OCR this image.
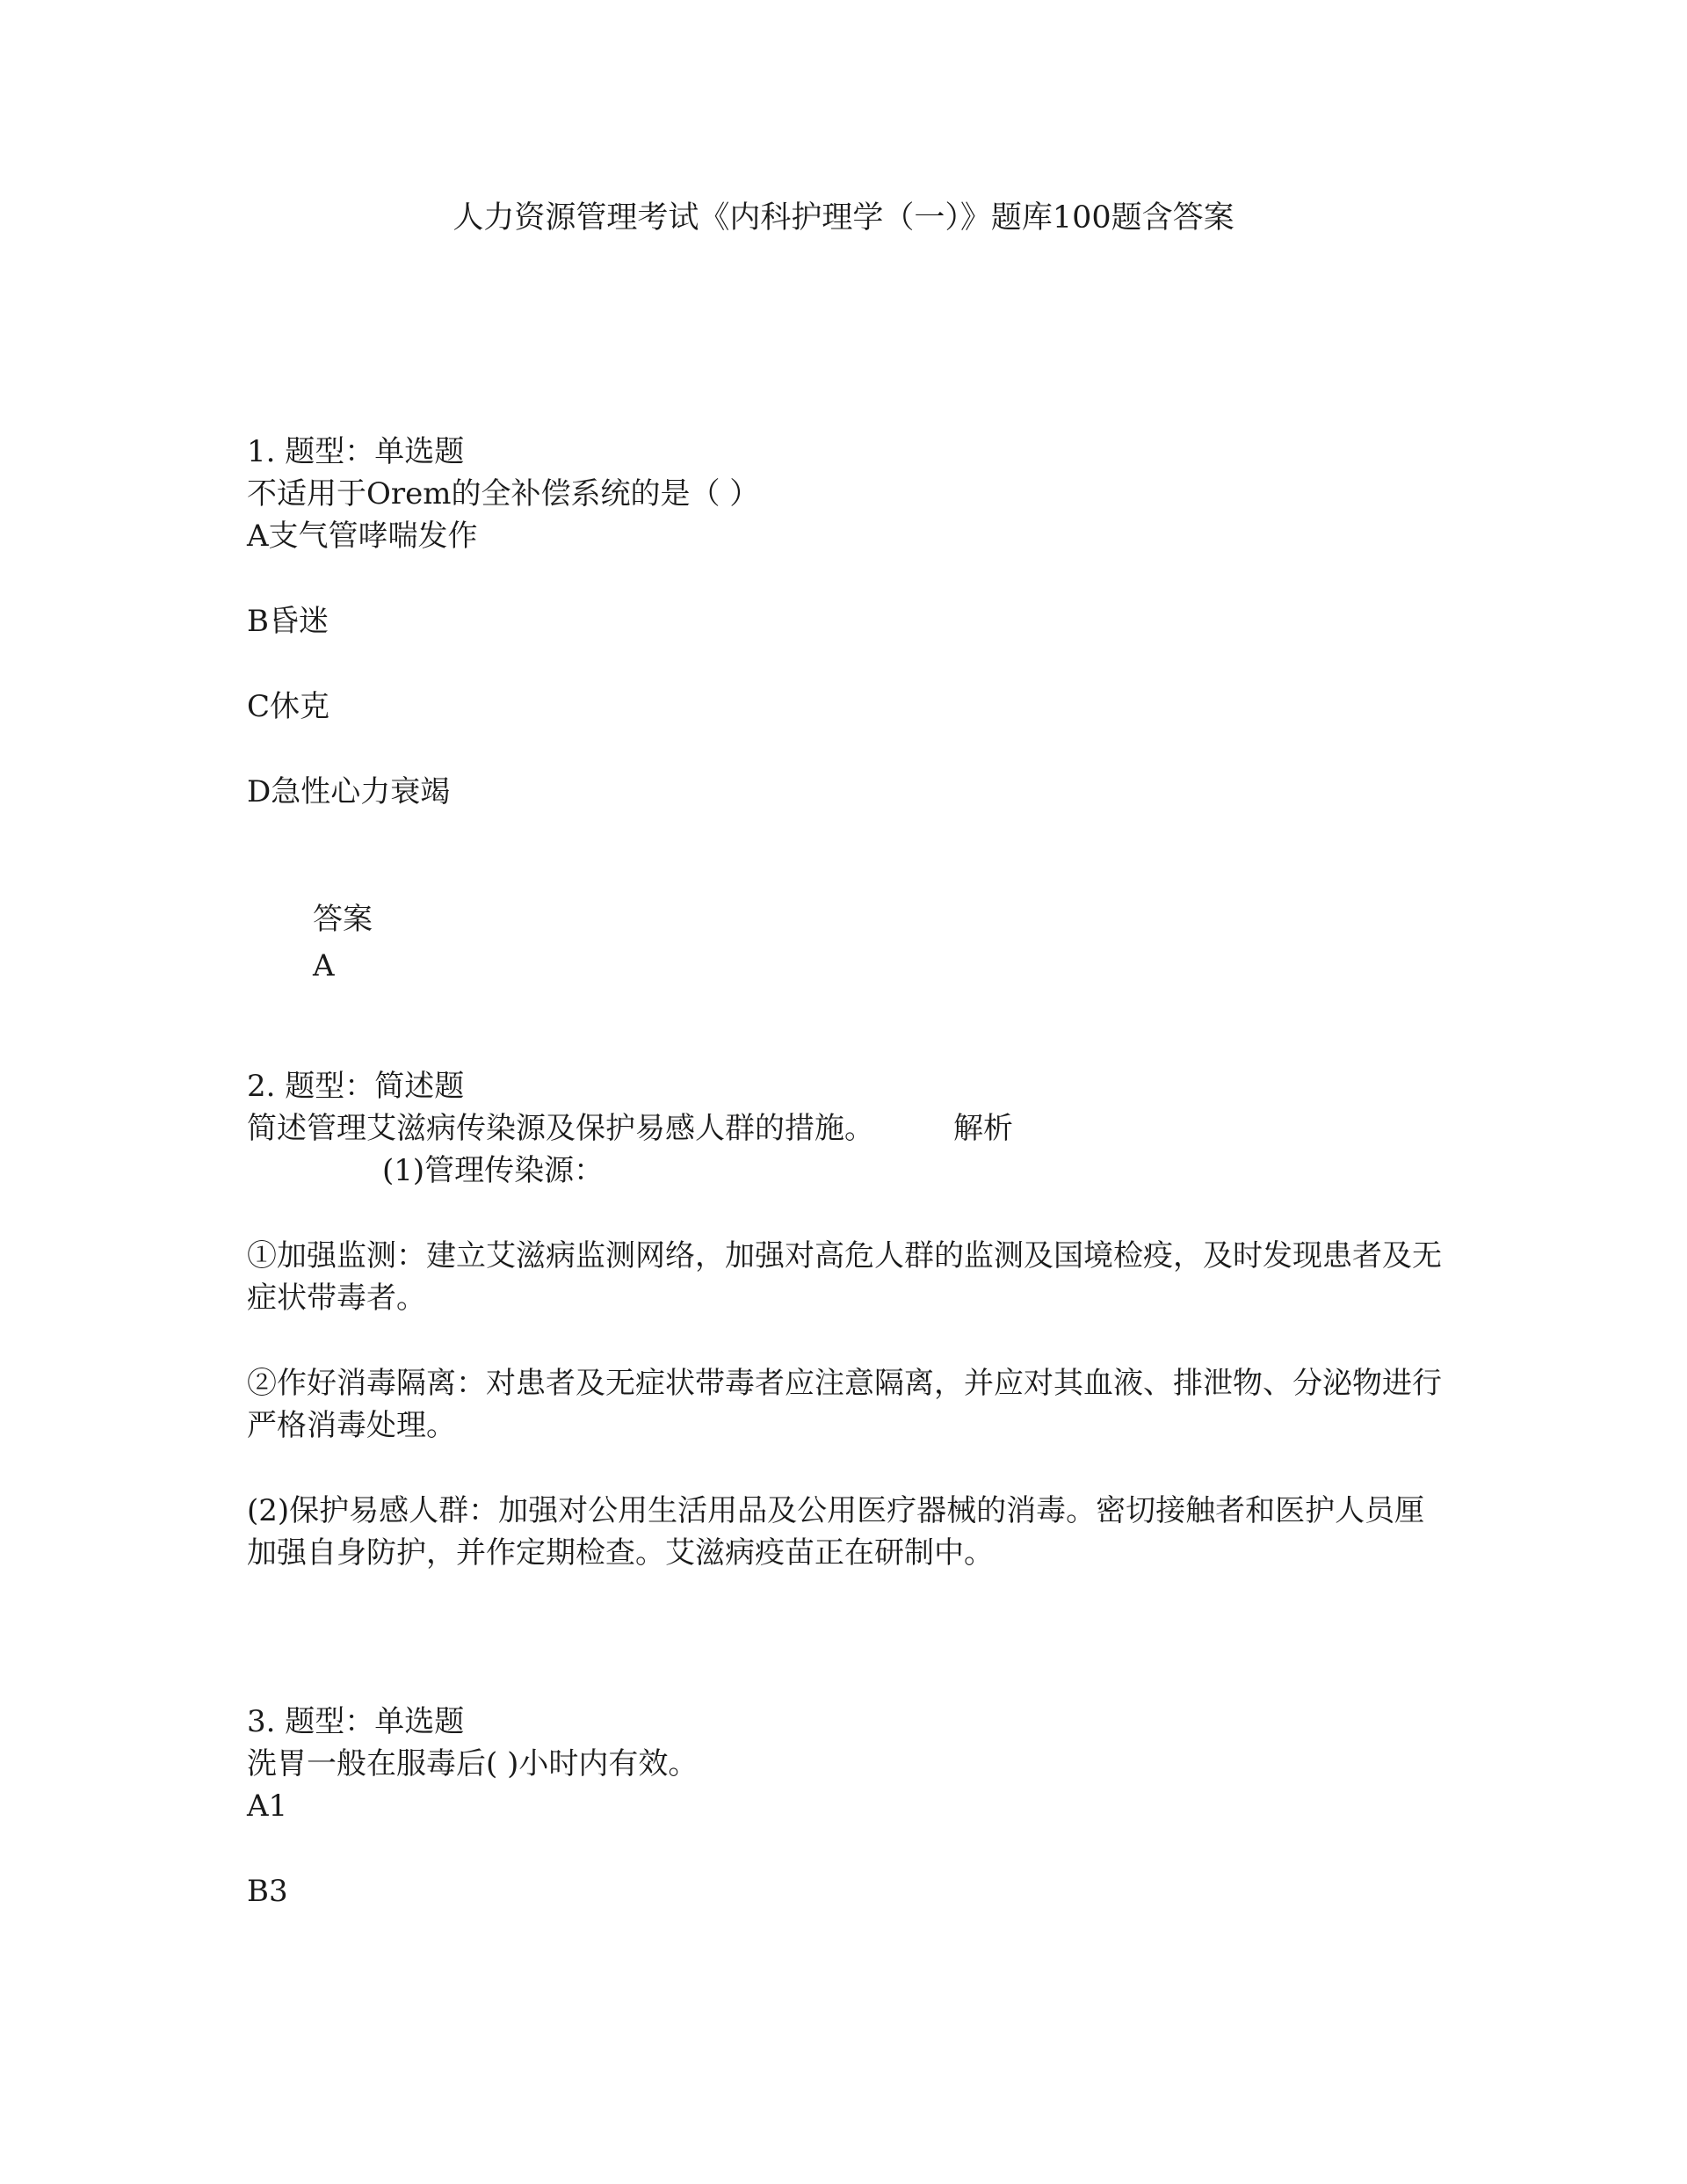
人力资源管理考试《内科护理学（一）》题库100题含答案

1. 题型：单选题

不适用于Orem的全补偿系统的是（ ）

A支气管哮喘发作

B昏迷

C休克

D急性心力衰竭

答案

A

2. 题型：简述题

简述管理艾滋病传染源及保护易感人群的措施。	解析

(1)管理传染源：

①加强监测：建立艾滋病监测网络，加强对高危人群的监测及国境检疫，及时发现患者及无症状带毒者。

②作好消毒隔离：对患者及无症状带毒者应注意隔离，并应对其血液、排泄物、分泌物进行严格消毒处理。

(2)保护易感人群：加强对公用生活用品及公用医疗器械的消毒。密切接触者和医护人员厘加强自身防护，并作定期检查。艾滋病疫苗正在研制中。

3. 题型：单选题

洗胃一般在服毒后( )小时内有效。

A1

B3
